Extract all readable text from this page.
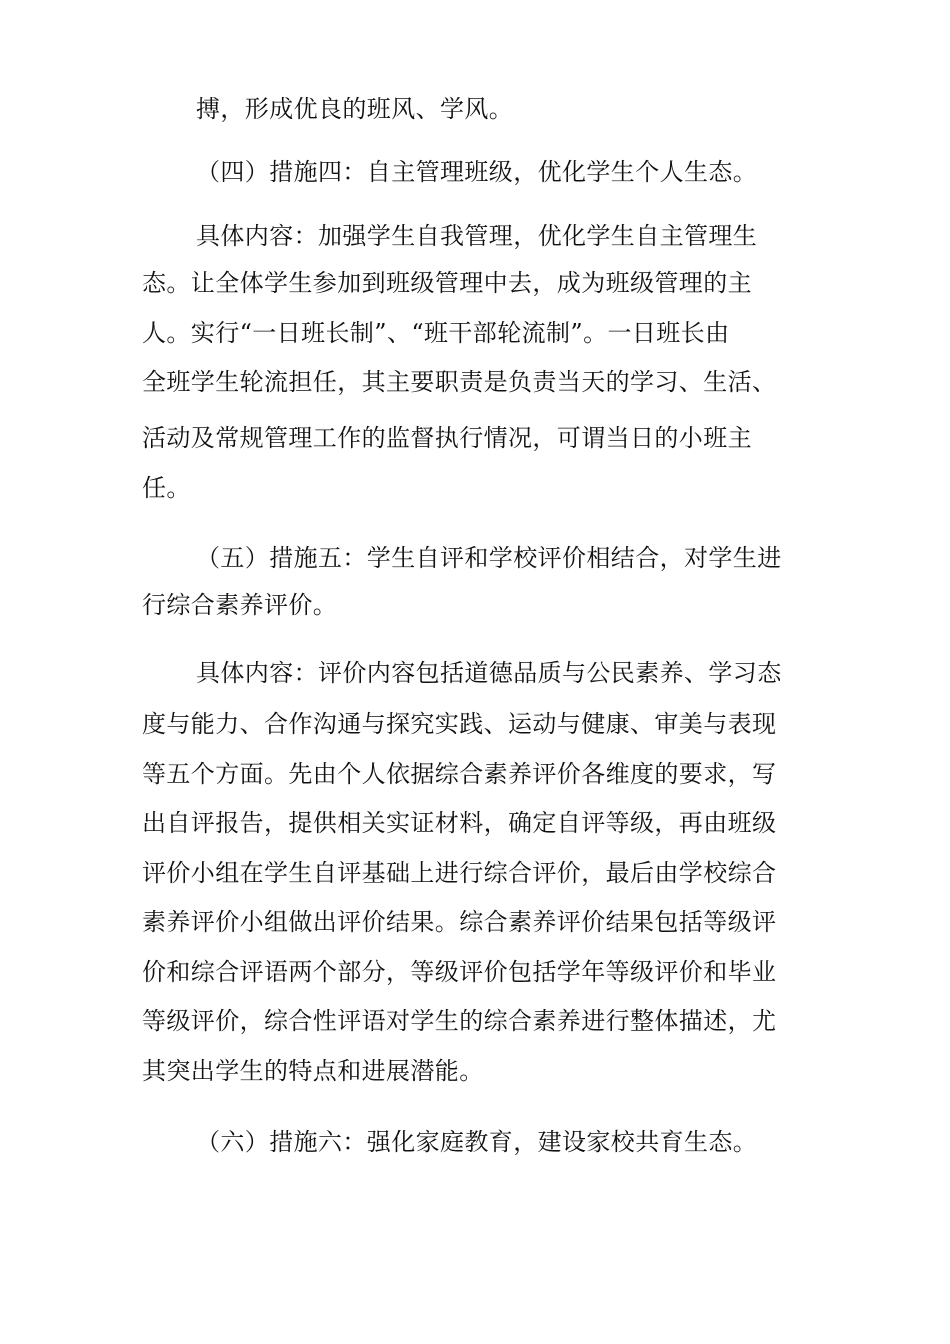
搏，形成优良的班风、学风。
（四）措施四：自主管理班级，优化学生个人生态。
具体内容：加强学生自我管理，优化学生自主管理生
态。让全体学生参加到班级管理中去，成为班级管理的主
人。实行“一日班长制”、“班干部轮流制”。一日班长由
全班学生轮流担任，其主要职责是负责当天的学习、生活、
活动及常规管理工作的监督执行情况，可谓当日的小班主
任。
（五）措施五：学生自评和学校评价相结合，对学生进
行综合素养评价。
具体内容：评价内容包括道德品质与公民素养、学习态
度与能力、合作沟通与探究实践、运动与健康、审美与表现
等五个方面。先由个人依据综合素养评价各维度的要求，写
出自评报告，提供相关实证材料，确定自评等级，再由班级
评价小组在学生自评基础上进行综合评价，最后由学校综合
素养评价小组做出评价结果。综合素养评价结果包括等级评
价和综合评语两个部分，等级评价包括学年等级评价和毕业
等级评价，综合性评语对学生的综合素养进行整体描述，尤
其突出学生的特点和进展潜能。
（六）措施六：强化家庭教育，建设家校共育生态。
